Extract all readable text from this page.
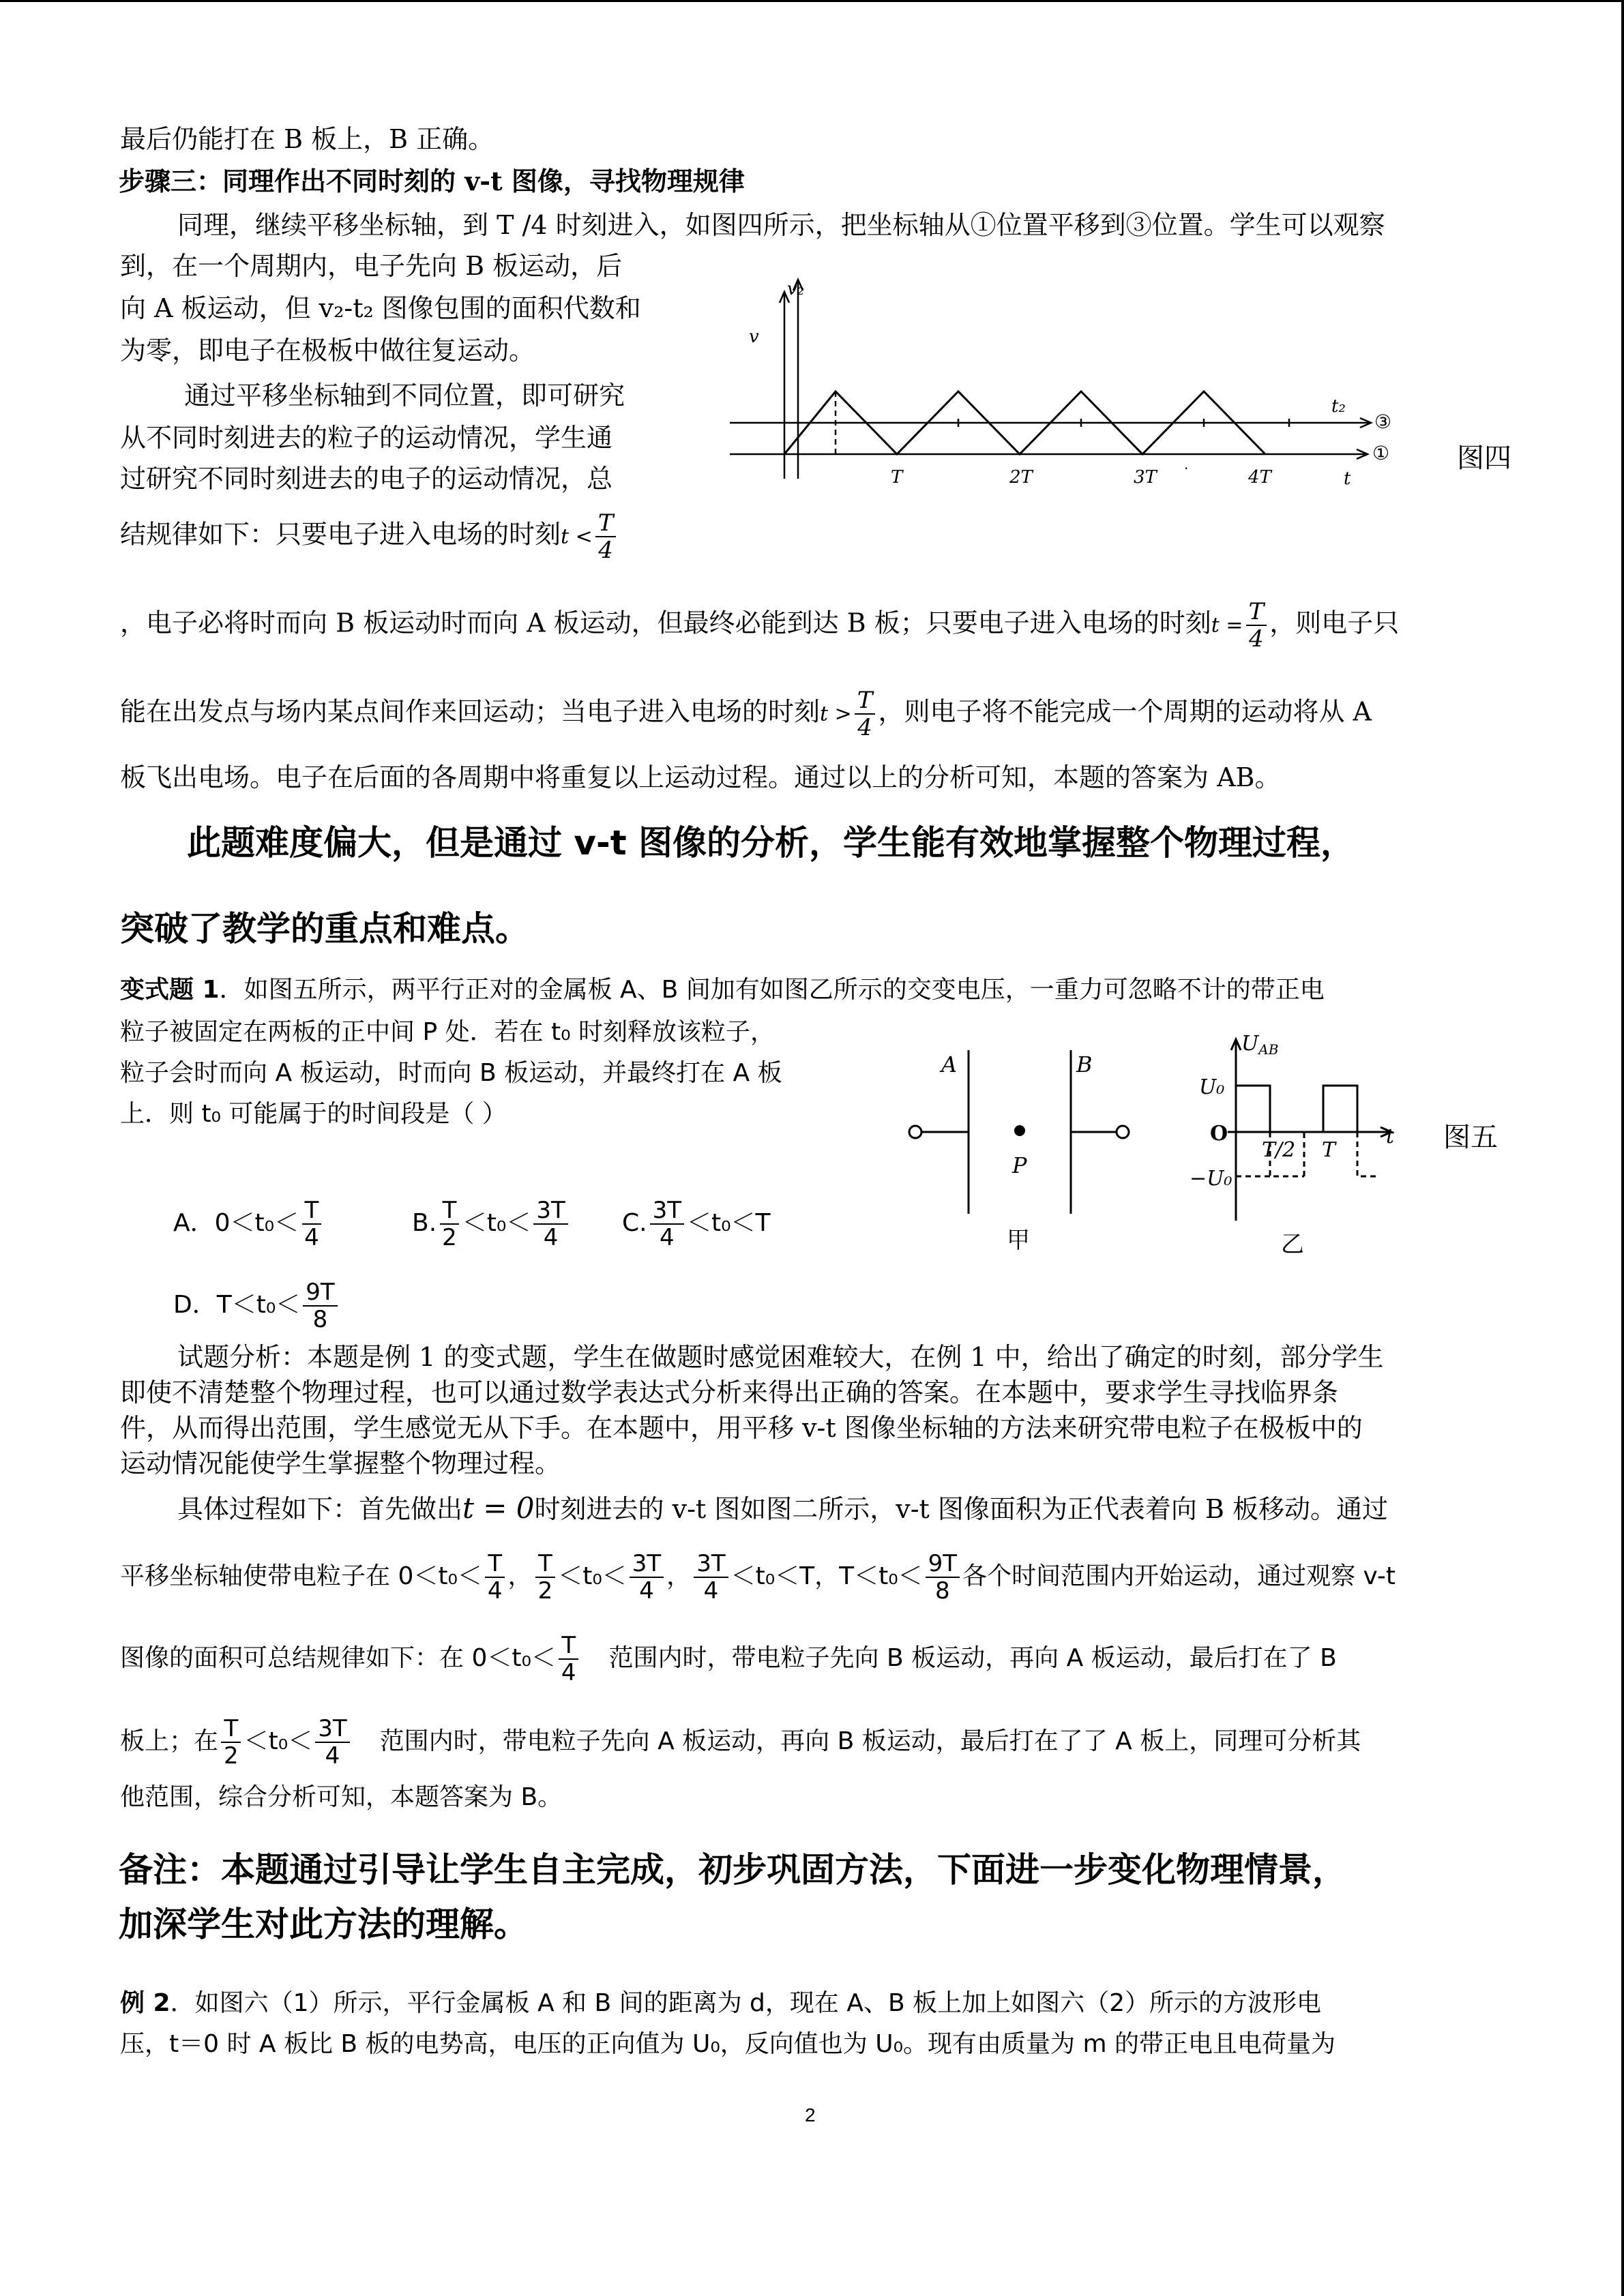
最后仍能打在 B 板上，B 正确。
步骤三：同理作出不同时刻的 v-t 图像，寻找物理规律
同理，继续平移坐标轴，到 T /4 时刻进入，如图四所示，把坐标轴从①位置平移到③位置。学生可以观察
到，在一个周期内，电子先向 B 板运动，后
向 A 板运动，但 v₂-t₂ 图像包围的面积代数和
为零，即电子在极板中做往复运动。
通过平移坐标轴到不同位置，即可研究
从不同时刻进去的粒子的运动情况，学生通
过研究不同时刻进去的电子的运动情况，总
结规律如下：只要电子进入电场的时刻$t < \frac{T}{4}$
v₂
v
t₂
t
T	2T	3T	4T
③
①
·	图四
，电子必将时而向 B 板运动时而向 A 板运动，但最终必能到达 B 板；只要电子进入电场的时刻$t = \frac{T}{4}$ ，则电子只
能在出发点与场内某点间作来回运动；当电子进入电场的时刻$t > \frac{T}{4}$ ，则电子将不能完成一个周期的运动将从 A
板飞出电场。电子在后面的各周期中将重复以上运动过程。通过以上的分析可知，本题的答案为 AB。
此题难度偏大，但是通过 v-t 图像的分析，学生能有效地掌握整个物理过程，
突破了教学的重点和难点。
变式题 1．如图五所示，两平行正对的金属板 A、B 间加有如图乙所示的交变电压，一重力可忽略不计的带正电
粒子被固定在两板的正中间 P 处．若在 t₀ 时刻释放该粒子，
粒子会时而向 A 板运动，时而向 B 板运动，并最终打在 A 板
上．则 t₀ 可能属于的时间段是（ ）
A	B
P
甲
$U_{AB}$
U₀
O
−U₀
T/2 T
t
乙
图五
A．$0<t_0< \frac{T}{4}$	B. $\frac{T}{2} <t_0< \frac{3T}{4} C$. $\frac{3T}{4} <t_0<T$
D．$T<t_0< \frac{9T}{8}$
试题分析：本题是例 1 的变式题，学生在做题时感觉困难较大，在例 1 中，给出了确定的时刻，部分学生
即使不清楚整个物理过程，也可以通过数学表达式分析来得出正确的答案。在本题中，要求学生寻找临界条
件，从而得出范围，学生感觉无从下手。在本题中，用平移 v-t 图像坐标轴的方法来研究带电粒子在极板中的
运动情况能使学生掌握整个物理过程。
具体过程如下：首先做出t = 0时刻进去的 v-t 图如图二所示，v-t 图像面积为正代表着向 B 板移动。通过
平移坐标轴使带电粒子在 $0<t_0< \frac{T}{4}$ ， $\frac{T}{2} <t_0< \frac{3T}{4}$ ， $\frac{3T}{4} <t_0<T$，$T<t_0< \frac{9T}{8}$ 各个时间范围内开始运动，通过观察 v-t
图像的面积可总结规律如下：在 $0<t_0< \frac{T}{4}$ 范围内时，带电粒子先向 B 板运动，再向 A 板运动，最后打在了 B
板上；在 $\frac{T}{2} <t_0< \frac{3T}{4}$ 范围内时，带电粒子先向 A 板运动，再向 B 板运动，最后打在了了 A 板上，同理可分析其
他范围，综合分析可知，本题答案为 B。
备注：本题通过引导让学生自主完成，初步巩固方法，下面进一步变化物理情景，
加深学生对此方法的理解。
例 2．如图六（1）所示，平行金属板 A 和 B 间的距离为 d，现在 A、B 板上加上如图六（2）所示的方波形电
压，t＝0 时 A 板比 B 板的电势高，电压的正向值为 U₀，反向值也为 U₀。现有由质量为 m 的带正电且电荷量为
2
